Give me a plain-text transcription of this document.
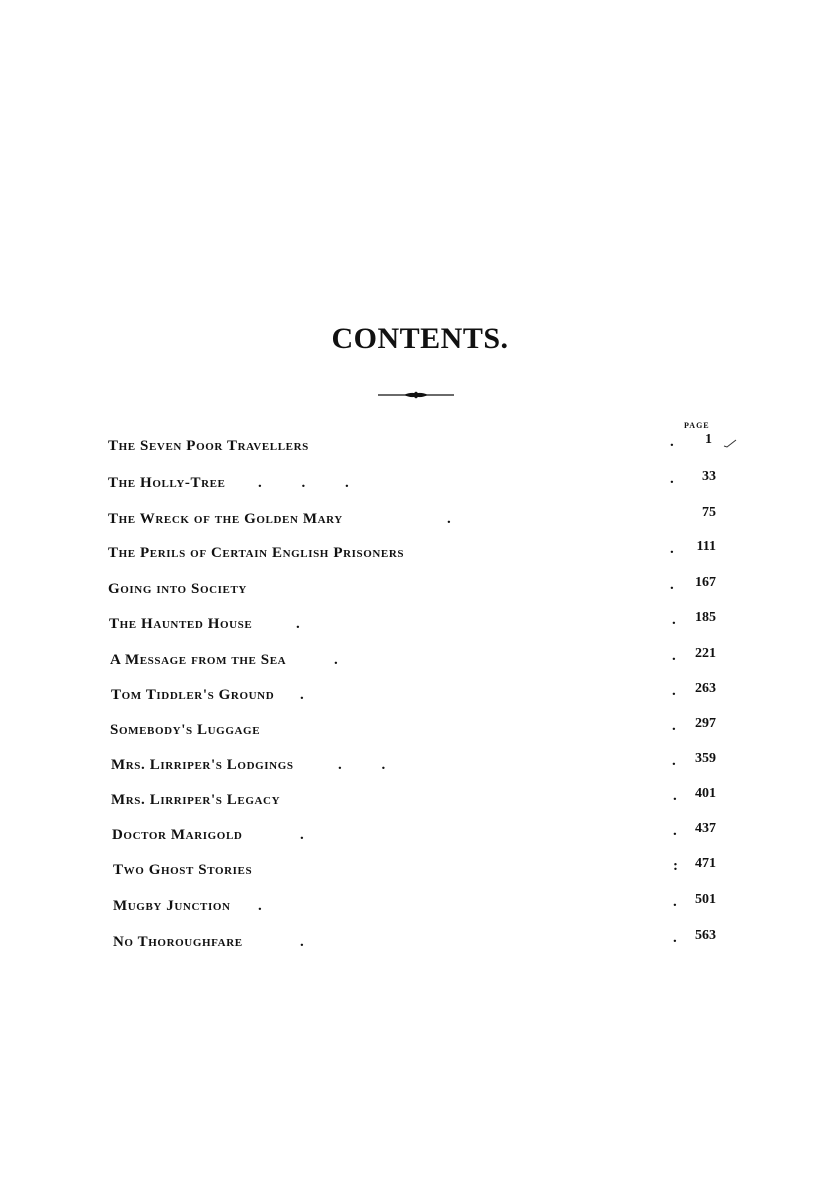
CONTENTS.
PAGE
The Seven Poor Travellers	.	1
The Holly-Tree . . .	.	33
The Wreck of the Golden Mary	.	75
The Perils of Certain English Prisoners	.	111
Going into Society	.	167
The Haunted House	.	.	185
A Message from the Sea	.	.	221
Tom Tiddler's Ground .	.	263
Somebody's Luggage	.	297
Mrs. Lirriper's Lodgings	. .	.	359
Mrs. Lirriper's Legacy	.	401
Doctor Marigold	.	.	437
Two Ghost Stories	:	471
Mugby Junction .	.	501
No Thoroughfare	.	.	563
